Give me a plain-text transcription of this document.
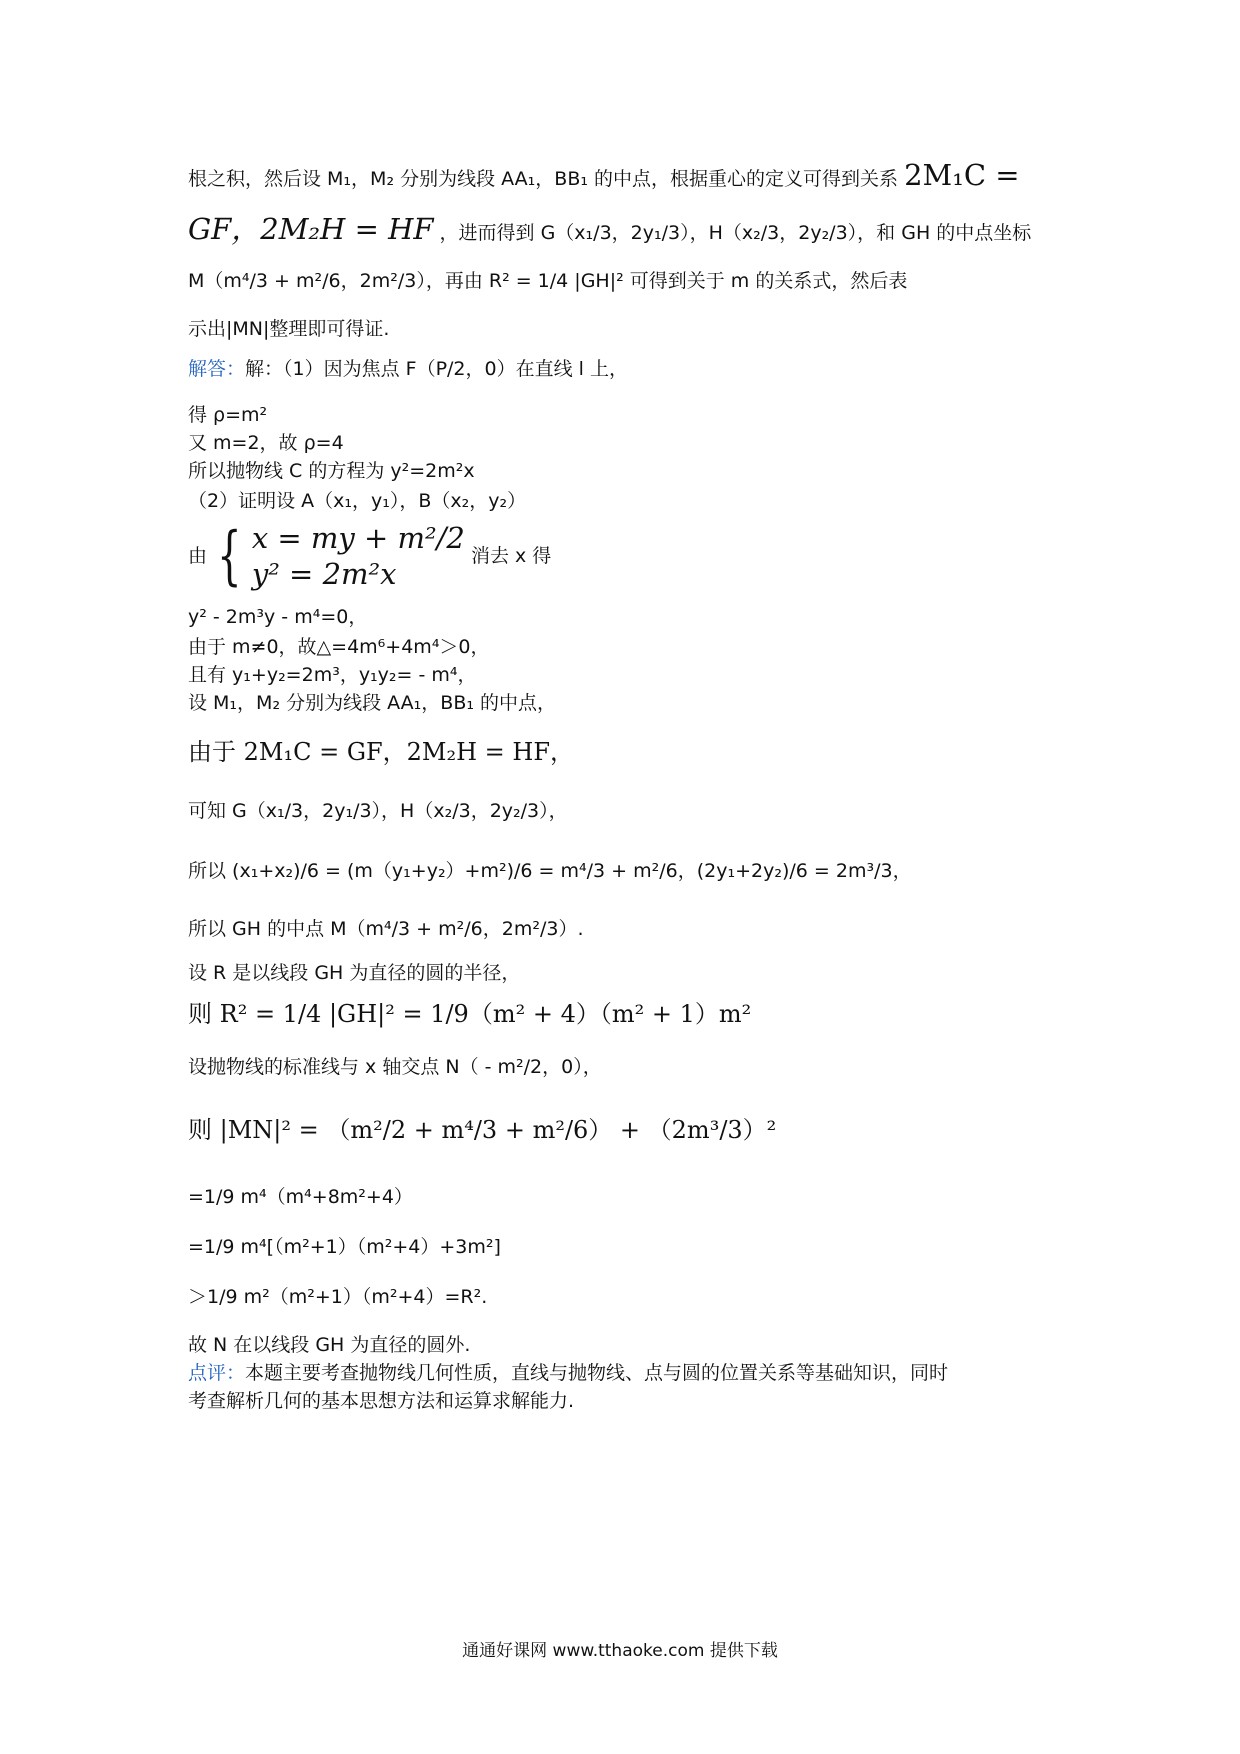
根之积，然后设 M₁，M₂ 分别为线段 AA₁，BB₁ 的中点，根据重心的定义可得到关系 2M₁C =
GF，2M₂H = HF ，进而得到 G（x₁/3，2y₁/3），H（x₂/3，2y₂/3），和 GH 的中点坐标
M（m⁴/3 + m²/6，2m²/3），再由 R² = 1/4 |GH|² 可得到关于 m 的关系式，然后表
示出|MN|整理即可得证.
解答：解：（1）因为焦点 F（P/2，0）在直线 l 上，
得 ρ=m²
又 m=2，故 ρ=4
所以抛物线 C 的方程为 y²=2m²x
（2）证明设 A（x₁，y₁），B（x₂，y₂）
由 { x = my + m²/2
y² = 2m²x
消去 x 得
y² - 2m³y - m⁴=0，
由于 m≠0，故△=4m⁶+4m⁴＞0，
且有 y₁+y₂=2m³，y₁y₂= - m⁴，
设 M₁，M₂ 分别为线段 AA₁，BB₁ 的中点，
由于 2M₁C = GF，2M₂H = HF，
可知 G（x₁/3，2y₁/3），H（x₂/3，2y₂/3），
所以 (x₁+x₂)/6 = (m（y₁+y₂）+m²)/6 = m⁴/3 + m²/6，(2y₁+2y₂)/6 = 2m³/3，
所以 GH 的中点 M（m⁴/3 + m²/6，2m²/3）.
设 R 是以线段 GH 为直径的圆的半径，
则 R² = 1/4 |GH|² = 1/9（m² + 4）（m² + 1）m²
设抛物线的标准线与 x 轴交点 N（ - m²/2，0），
则 |MN|² = （m²/2 + m⁴/3 + m²/6） + （2m³/3）²
=1/9 m⁴（m⁴+8m²+4）
=1/9 m⁴[（m²+1）（m²+4）+3m²]
＞1/9 m²（m²+1）（m²+4）=R².
故 N 在以线段 GH 为直径的圆外.
点评：本题主要考查抛物线几何性质，直线与抛物线、点与圆的位置关系等基础知识，同时
考查解析几何的基本思想方法和运算求解能力.
通通好课网 www.tthaoke.com 提供下载
